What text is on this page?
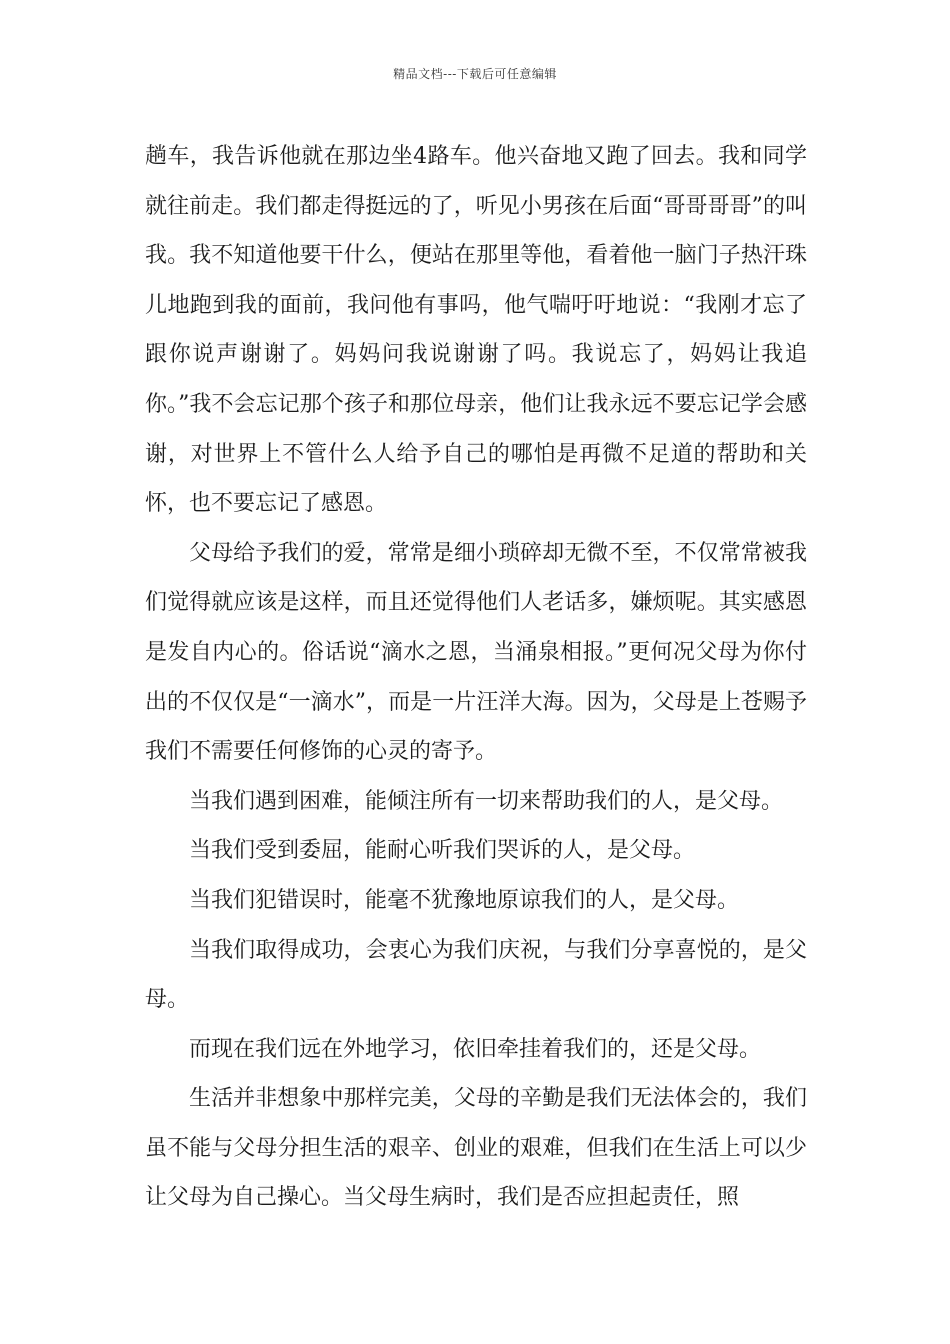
精品文档---下载后可任意编辑

趟车，我告诉他就在那边坐4路车。他兴奋地又跑了回去。我和同学就往前走。我们都走得挺远的了，听见小男孩在后面“哥哥哥哥”的叫我。我不知道他要干什么，便站在那里等他，看着他一脑门子热汗珠儿地跑到我的面前，我问他有事吗，他气喘吁吁地说：“我刚才忘了跟你说声谢谢了。妈妈问我说谢谢了吗。我说忘了，妈妈让我追你。”我不会忘记那个孩子和那位母亲，他们让我永远不要忘记学会感谢，对世界上不管什么人给予自己的哪怕是再微不足道的帮助和关怀，也不要忘记了感恩。

父母给予我们的爱，常常是细小琐碎却无微不至，不仅常常被我们觉得就应该是这样，而且还觉得他们人老话多，嫌烦呢。其实感恩是发自内心的。俗话说“滴水之恩，当涌泉相报。”更何况父母为你付出的不仅仅是“一滴水”，而是一片汪洋大海。因为，父母是上苍赐予我们不需要任何修饰的心灵的寄予。

当我们遇到困难，能倾注所有一切来帮助我们的人，是父母。

当我们受到委屈，能耐心听我们哭诉的人，是父母。

当我们犯错误时，能毫不犹豫地原谅我们的人，是父母。

当我们取得成功，会衷心为我们庆祝，与我们分享喜悦的，是父母。

而现在我们远在外地学习，依旧牵挂着我们的，还是父母。

生活并非想象中那样完美，父母的辛勤是我们无法体会的，我们虽不能与父母分担生活的艰辛、创业的艰难，但我们在生活上可以少让父母为自己操心。当父母生病时，我们是否应担起责任，照
